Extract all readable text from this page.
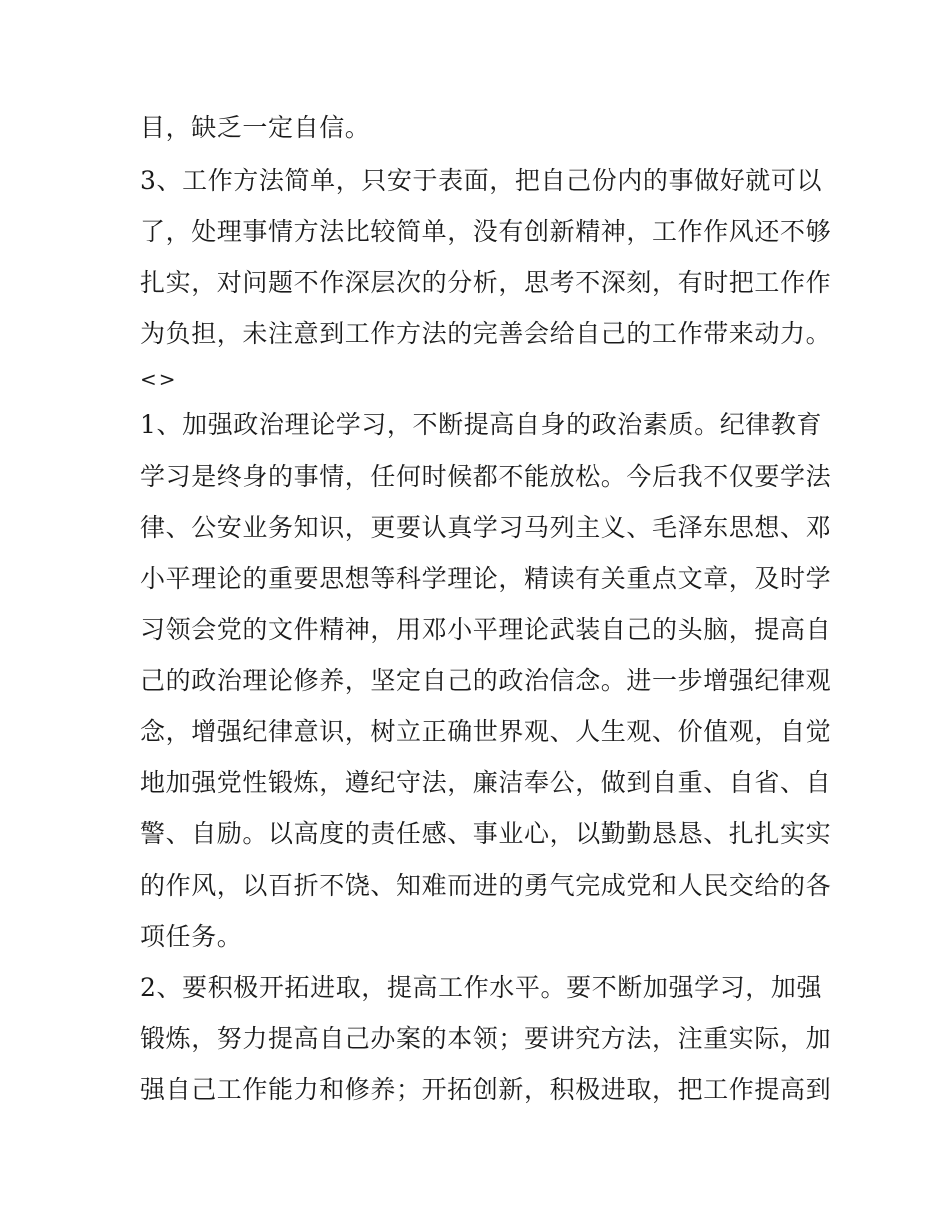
目，缺乏一定自信。
3、工作方法简单，只安于表面，把自己份内的事做好就可以
了，处理事情方法比较简单，没有创新精神，工作作风还不够
扎实，对问题不作深层次的分析，思考不深刻，有时把工作作
为负担，未注意到工作方法的完善会给自己的工作带来动力。
<>
1、加强政治理论学习，不断提高自身的政治素质。纪律教育
学习是终身的事情，任何时候都不能放松。今后我不仅要学法
律、公安业务知识，更要认真学习马列主义、毛泽东思想、邓
小平理论的重要思想等科学理论，精读有关重点文章，及时学
习领会党的文件精神，用邓小平理论武装自己的头脑，提高自
己的政治理论修养，坚定自己的政治信念。进一步增强纪律观
念，增强纪律意识，树立正确世界观、人生观、价值观，自觉
地加强党性锻炼，遵纪守法，廉洁奉公，做到自重、自省、自
警、自励。以高度的责任感、事业心，以勤勤恳恳、扎扎实实
的作风，以百折不饶、知难而进的勇气完成党和人民交给的各
项任务。
2、要积极开拓进取，提高工作水平。要不断加强学习，加强
锻炼，努力提高自己办案的本领；要讲究方法，注重实际，加
强自己工作能力和修养；开拓创新，积极进取，把工作提高到
